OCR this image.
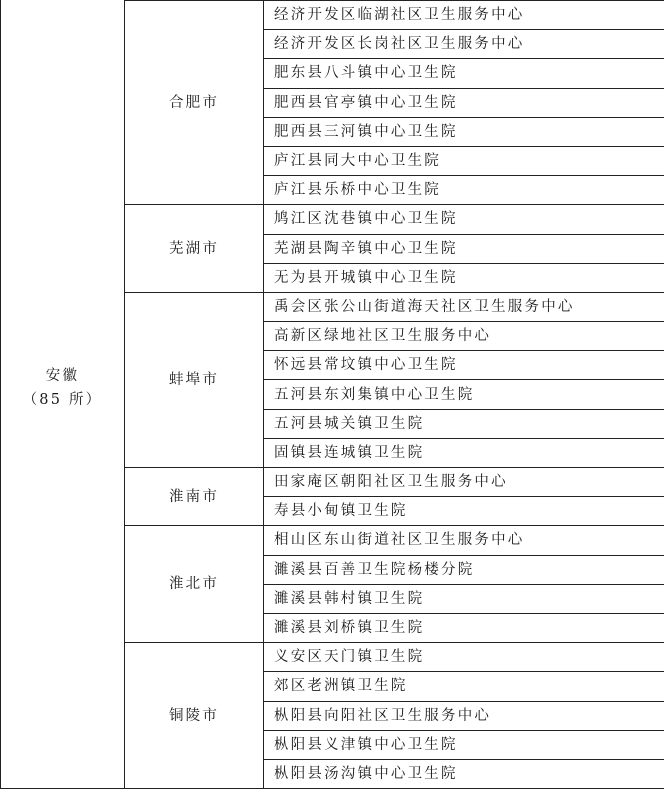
安徽
（85 所）		

	合肥市	经济开发区临湖社区卫生服务中心
		经济开发区长岗社区卫生服务中心
		肥东县八斗镇中心卫生院
		肥西县官亭镇中心卫生院
		肥西县三河镇中心卫生院
		庐江县同大中心卫生院
		庐江县乐桥中心卫生院
	芜湖市	鸠江区沈巷镇中心卫生院
		芜湖县陶辛镇中心卫生院
		无为县开城镇中心卫生院
	蚌埠市	禹会区张公山街道海天社区卫生服务中心
		高新区绿地社区卫生服务中心
		怀远县常坟镇中心卫生院
		五河县东刘集镇中心卫生院
		五河县城关镇卫生院
		固镇县连城镇卫生院
	淮南市	田家庵区朝阳社区卫生服务中心
		寿县小甸镇卫生院
	淮北市	相山区东山街道社区卫生服务中心
		濉溪县百善卫生院杨楼分院
		濉溪县韩村镇卫生院
		濉溪县刘桥镇卫生院
	铜陵市	义安区天门镇卫生院
		郊区老洲镇卫生院
		枞阳县向阳社区卫生服务中心
		枞阳县义津镇中心卫生院
		枞阳县汤沟镇中心卫生院
